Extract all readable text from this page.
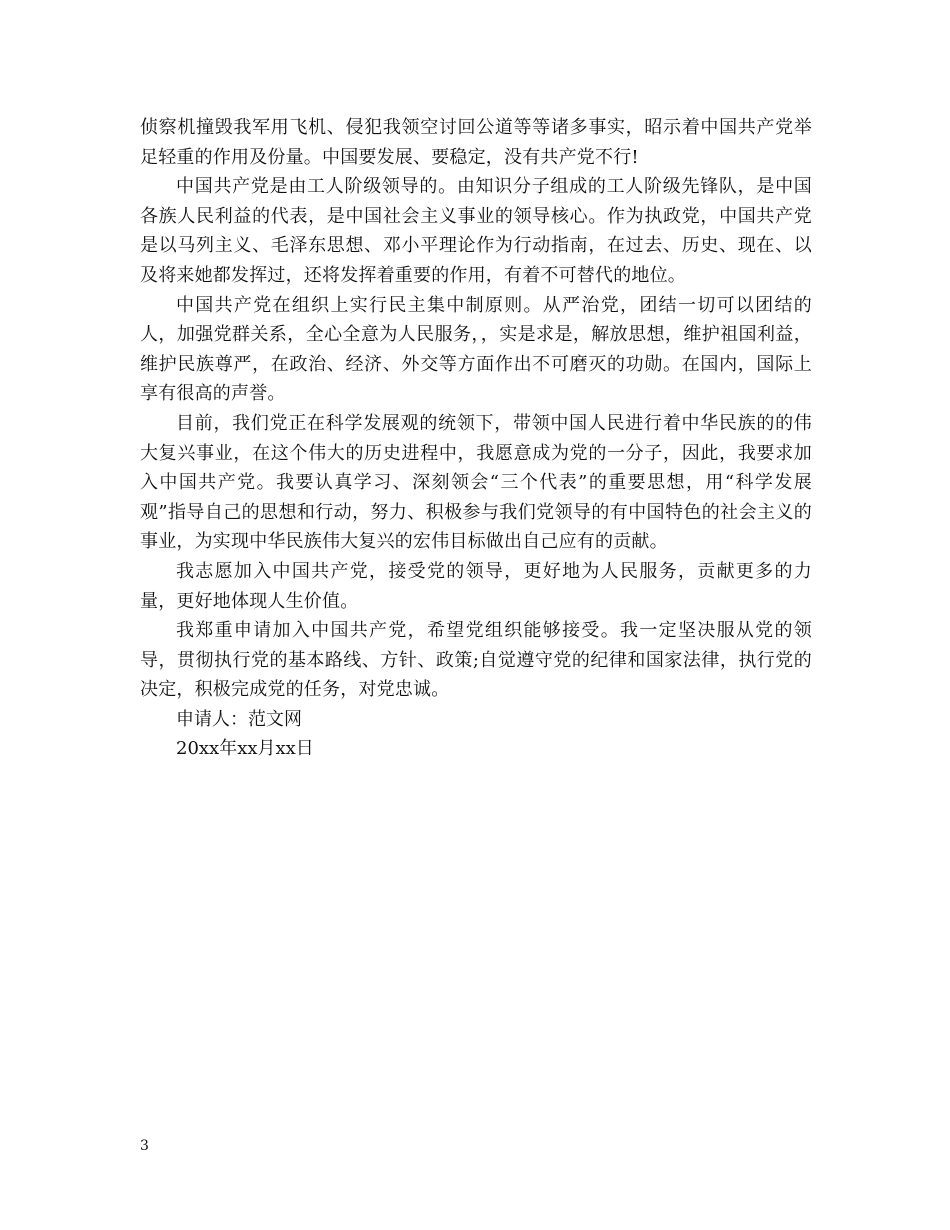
侦察机撞毁我军用飞机、侵犯我领空讨回公道等等诸多事实，昭示着中国共产党举足轻重的作用及份量。中国要发展、要稳定，没有共产党不行!

中国共产党是由工人阶级领导的。由知识分子组成的工人阶级先锋队，是中国各族人民利益的代表，是中国社会主义事业的领导核心。作为执政党，中国共产党是以马列主义、毛泽东思想、邓小平理论作为行动指南，在过去、历史、现在、以及将来她都发挥过，还将发挥着重要的作用，有着不可替代的地位。

中国共产党在组织上实行民主集中制原则。从严治党，团结一切可以团结的人，加强党群关系，全心全意为人民服务，，实是求是，解放思想，维护祖国利益，维护民族尊严，在政治、经济、外交等方面作出不可磨灭的功勋。在国内，国际上享有很高的声誉。

目前，我们党正在科学发展观的统领下，带领中国人民进行着中华民族的的伟大复兴事业，在这个伟大的历史进程中，我愿意成为党的一分子，因此，我要求加入中国共产党。我要认真学习、深刻领会“三个代表”的重要思想，用“科学发展观”指导自己的思想和行动，努力、积极参与我们党领导的有中国特色的社会主义的事业，为实现中华民族伟大复兴的宏伟目标做出自己应有的贡献。

我志愿加入中国共产党，接受党的领导，更好地为人民服务，贡献更多的力量，更好地体现人生价值。

我郑重申请加入中国共产党，希望党组织能够接受。我一定坚决服从党的领导，贯彻执行党的基本路线、方针、政策;自觉遵守党的纪律和国家法律，执行党的决定，积极完成党的任务，对党忠诚。

申请人：范文网

20xx年xx月xx日

3
